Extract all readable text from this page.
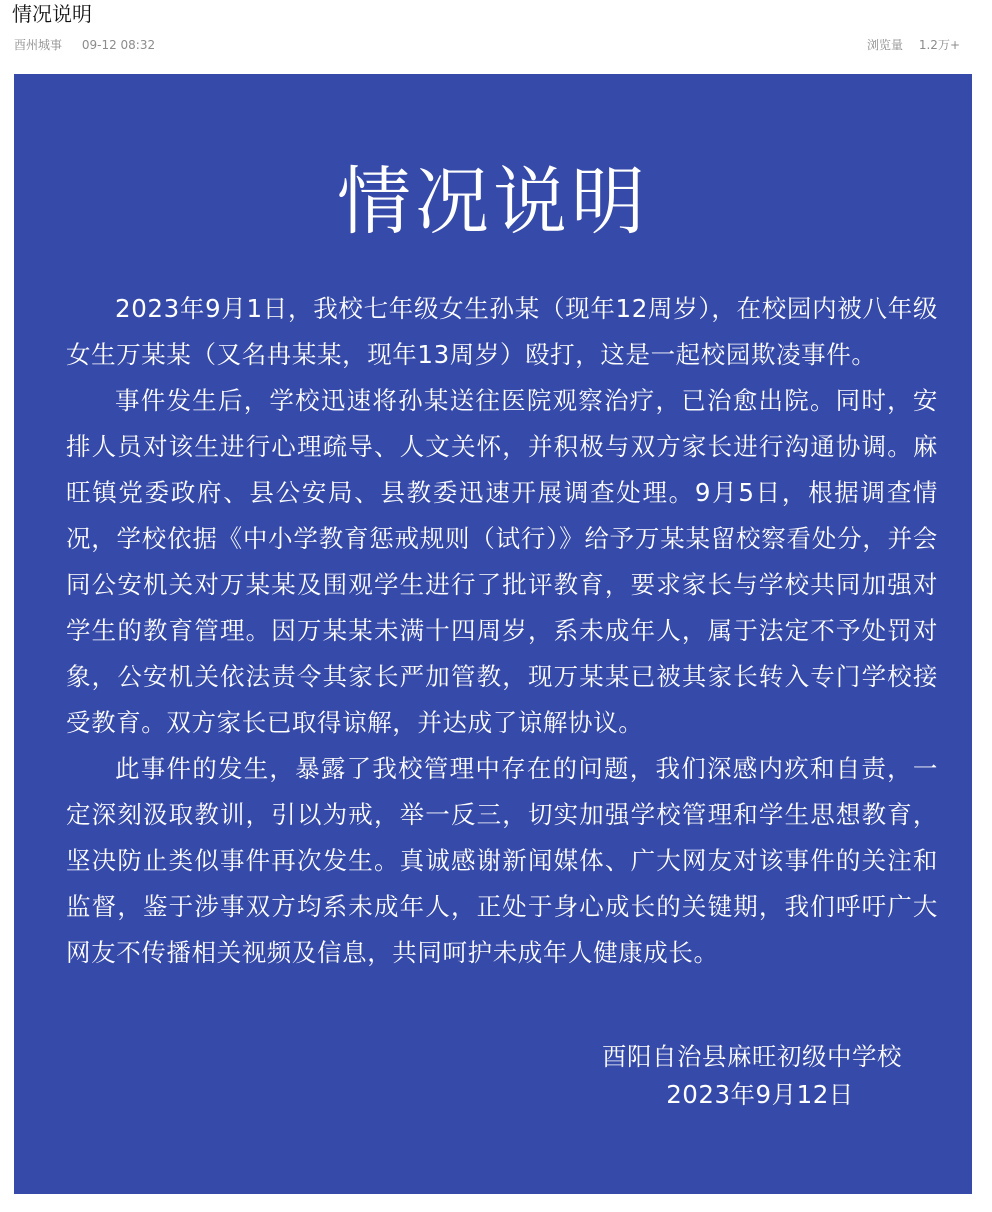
情况说明
酉州城事 09-12 08:32	浏览量 1.2万+
情况说明

2023年9月1日，我校七年级女生孙某（现年12周岁），在校园内被八年级女生万某某（又名冉某某，现年13周岁）殴打，这是一起校园欺凌事件。

事件发生后，学校迅速将孙某送往医院观察治疗，已治愈出院。同时，安排人员对该生进行心理疏导、人文关怀，并积极与双方家长进行沟通协调。麻旺镇党委政府、县公安局、县教委迅速开展调查处理。9月5日，根据调查情况，学校依据《中小学教育惩戒规则（试行）》给予万某某留校察看处分，并会同公安机关对万某某及围观学生进行了批评教育，要求家长与学校共同加强对学生的教育管理。因万某某未满十四周岁，系未成年人，属于法定不予处罚对象，公安机关依法责令其家长严加管教，现万某某已被其家长转入专门学校接受教育。双方家长已取得谅解，并达成了谅解协议。

此事件的发生，暴露了我校管理中存在的问题，我们深感内疚和自责，一定深刻汲取教训，引以为戒，举一反三，切实加强学校管理和学生思想教育，坚决防止类似事件再次发生。真诚感谢新闻媒体、广大网友对该事件的关注和监督，鉴于涉事双方均系未成年人，正处于身心成长的关键期，我们呼吁广大网友不传播相关视频及信息，共同呵护未成年人健康成长。

酉阳自治县麻旺初级中学校
2023年9月12日
